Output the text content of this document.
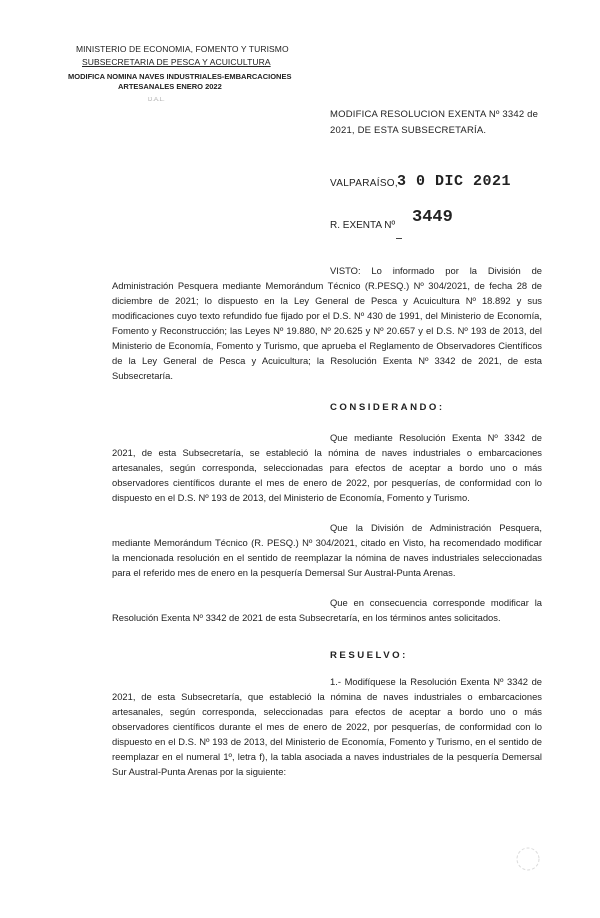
MINISTERIO DE ECONOMIA, FOMENTO Y TURISMO
SUBSECRETARIA DE PESCA Y ACUICULTURA
MODIFICA NOMINA NAVES INDUSTRIALES-EMBARCACIONES
ARTESANALES ENERO 2022
D.A.L.
MODIFICA RESOLUCION EXENTA Nº 3342 de
2021, DE ESTA SUBSECRETARÍA.
VALPARAÍSO, 3 0 DIC 2021
R. EXENTA Nº 3449

VISTO: Lo informado por la División de Administración Pesquera mediante Memorándum Técnico (R.PESQ.) Nº 304/2021, de fecha 28 de diciembre de 2021; lo dispuesto en la Ley General de Pesca y Acuicultura Nº 18.892 y sus modificaciones cuyo texto refundido fue fijado por el D.S. Nº 430 de 1991, del Ministerio de Economía, Fomento y Reconstrucción; las Leyes Nº 19.880, Nº 20.625 y Nº 20.657 y el D.S. Nº 193 de 2013, del Ministerio de Economía, Fomento y Turismo, que aprueba el Reglamento de Observadores Científicos de la Ley General de Pesca y Acuicultura; la Resolución Exenta Nº 3342 de 2021, de esta Subsecretaría.

CONSIDERANDO:

Que mediante Resolución Exenta Nº 3342 de 2021, de esta Subsecretaría, se estableció la nómina de naves industriales o embarcaciones artesanales, según corresponda, seleccionadas para efectos de aceptar a bordo uno o más observadores científicos durante el mes de enero de 2022, por pesquerías, de conformidad con lo dispuesto en el D.S. Nº 193 de 2013, del Ministerio de Economía, Fomento y Turismo.

Que la División de Administración Pesquera, mediante Memorándum Técnico (R. PESQ.) Nº 304/2021, citado en Visto, ha recomendado modificar la mencionada resolución en el sentido de reemplazar la nómina de naves industriales seleccionadas para el referido mes de enero en la pesquería Demersal Sur Austral-Punta Arenas.

Que en consecuencia corresponde modificar la Resolución Exenta Nº 3342 de 2021 de esta Subsecretaría, en los términos antes solicitados.

RESUELVO:

1.- Modifíquese la Resolución Exenta Nº 3342 de 2021, de esta Subsecretaría, que estableció la nómina de naves industriales o embarcaciones artesanales, según corresponda, seleccionadas para efectos de aceptar a bordo uno o más observadores científicos durante el mes de enero de 2022, por pesquerías, de conformidad con lo dispuesto en el D.S. Nº 193 de 2013, del Ministerio de Economía, Fomento y Turismo, en el sentido de reemplazar en el numeral 1º, letra f), la tabla asociada a naves industriales de la pesquería Demersal Sur Austral-Punta Arenas por la siguiente:
